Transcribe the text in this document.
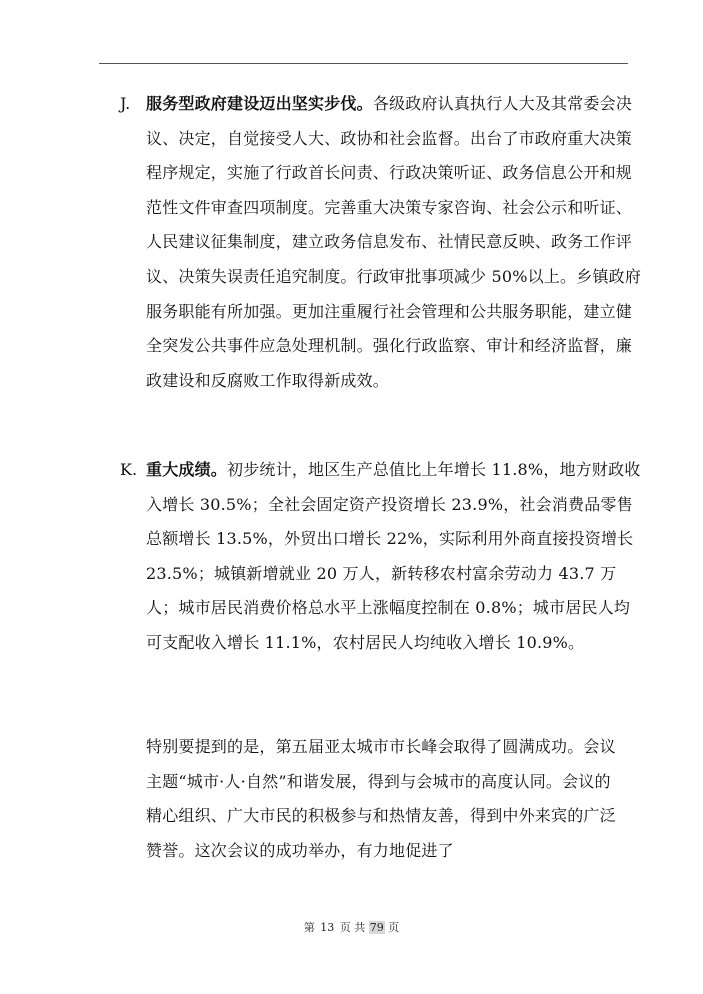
J. 服务型政府建设迈出坚实步伐。各级政府认真执行人大及其常委会决议、决定，自觉接受人大、政协和社会监督。出台了市政府重大决策程序规定，实施了行政首长问责、行政决策听证、政务信息公开和规范性文件审查四项制度。完善重大决策专家咨询、社会公示和听证、人民建议征集制度，建立政务信息发布、社情民意反映、政务工作评议、决策失误责任追究制度。行政审批事项减少 50%以上。乡镇政府服务职能有所加强。更加注重履行社会管理和公共服务职能，建立健全突发公共事件应急处理机制。强化行政监察、审计和经济监督，廉政建设和反腐败工作取得新成效。

K. 重大成绩。初步统计，地区生产总值比上年增长 11.8%，地方财政收入增长 30.5%；全社会固定资产投资增长 23.9%，社会消费品零售总额增长 13.5%，外贸出口增长 22%，实际利用外商直接投资增长 23.5%；城镇新增就业 20 万人，新转移农村富余劳动力 43.7 万人；城市居民消费价格总水平上涨幅度控制在 0.8%；城市居民人均可支配收入增长 11.1%，农村居民人均纯收入增长 10.9%。

特别要提到的是，第五届亚太城市市长峰会取得了圆满成功。会议主题“城市·人·自然”和谐发展，得到与会城市的高度认同。会议的精心组织、广大市民的积极参与和热情友善，得到中外来宾的广泛赞誉。这次会议的成功举办，有力地促进了

第 13 页 共 79 页
